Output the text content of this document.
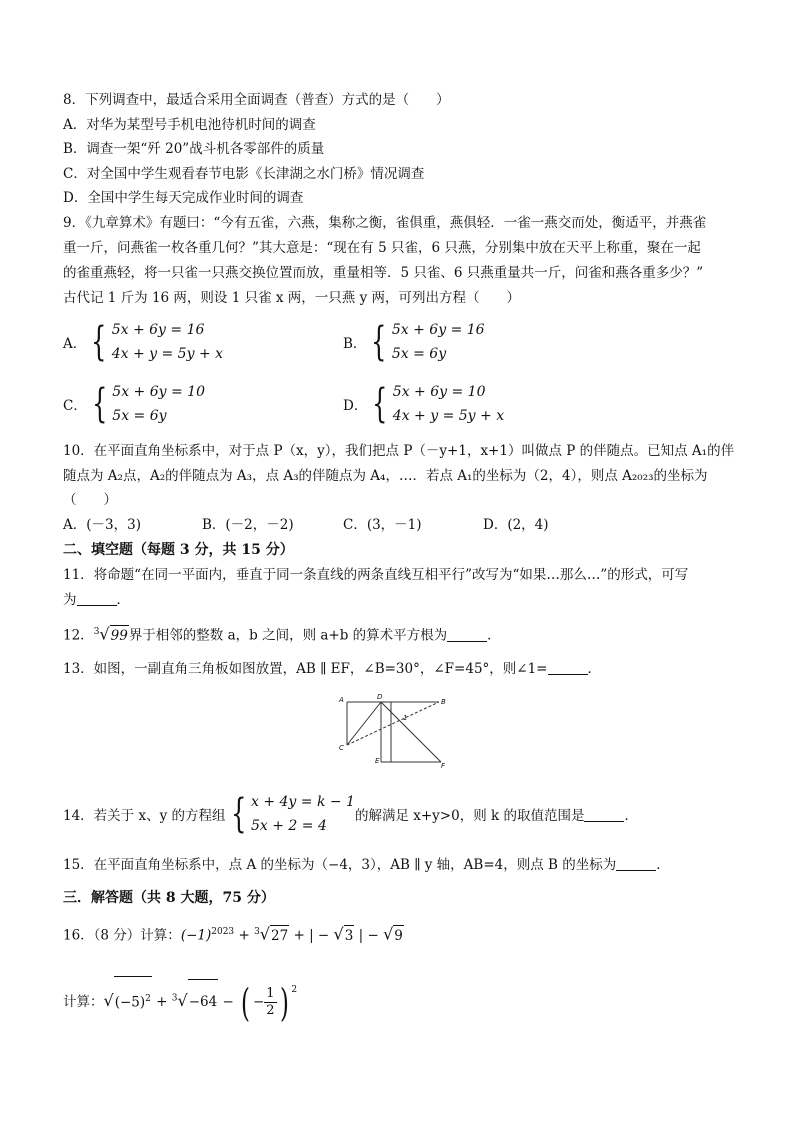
8．下列调查中，最适合采用全面调查（普查）方式的是（　　）
A．对华为某型号手机电池待机时间的调查
B．调查一架“歼 20”战斗机各零部件的质量
C．对全国中学生观看春节电影《长津湖之水门桥》情况调查
D．全国中学生每天完成作业时间的调查
9．《九章算术》有题曰：“今有五雀，六燕，集称之衡，雀俱重，燕俱轻．一雀一燕交而处，衡适平，并燕雀
重一斤，问燕雀一枚各重几何？”其大意是：“现在有 5 只雀，6 只燕，分别集中放在天平上称重，聚在一起
的雀重燕轻，将一只雀一只燕交换位置而放，重量相等．5 只雀、6 只燕重量共一斤，问雀和燕各重多少？”
古代记 1 斤为 16 两，则设 1 只雀 x 两，一只燕 y 两，可列出方程（　　）
A． { 5x + 6y = 16
4x + y = 5y + x
B． { 5x + 6y = 16
5x = 6y
C． { 5x + 6y = 10
5x = 6y
D． { 5x + 6y = 10
4x + y = 5y + x
10．在平面直角坐标系中，对于点 P（x，y），我们把点 P（－y+1，x+1）叫做点 P 的伴随点。已知点 A₁的伴
随点为 A₂点，A₂的伴随点为 A₃，点 A₃的伴随点为 A₄，…．若点 A₁的坐标为（2，4），则点 A₂₀₂₃的坐标为
（　　）
A．(－3，3)	B．(－2，－2)	C．(3，－1)	D．(2，4)
二、填空题（每题 3 分，共 15 分）
11．将命题“在同一平面内，垂直于同一条直线的两条直线互相平行”改写为“如果…那么…”的形式，可写
为	．
12．$^3$√99界于相邻的整数 a，b 之间，则 a+b 的算术平方根为	．
13．如图，一副直角三角板如图放置，AB ∥ EF，∠B=30°，∠F=45°，则∠1=	．
A	D
B
C
E
F
1
14．若关于 x、y 的方程组 { x + 4y = k − 1
5x + 2 = 4
的解满足 x+y>0，则 k 的取值范围是	．
15．在平面直角坐标系中，点 A 的坐标为（−4，3），AB ∥ y 轴，AB=4，则点 B 的坐标为	．
三．解答题（共 8 大题，75 分）
16．（8 分）计算：$(-1)^{2023} + ^3√27$ + | − √3 | − √9
计算：$√(-5)^2 + ^3√-64$ − ( − $\frac{1}{2}$ ) $^2$
